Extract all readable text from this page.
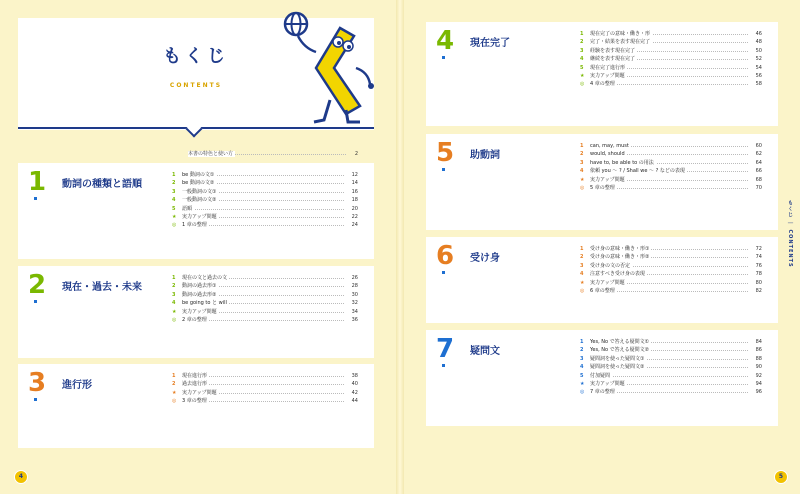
もくじ
CONTENTS
本書の特色と使い方	2
1 動詞の種類と語順
1	be 動詞の文①	12
2	be 動詞の文②	14
3	一般動詞の文①	16
4	一般動詞の文②	18
5	語順	20
★	実力アップ問題	22
◎	1 章の整理	24
2 現在・過去・未来
1	現在の文と過去の文	26
2	動詞の過去形①	28
3	動詞の過去形②	30
4	be going to と will	32
★	実力アップ問題	34
◎	2 章の整理	36
3 進行形
1	現在進行形	38
2	過去進行形	40
★	実力アップ問題	42
◎	3 章の整理	44
4 現在完了
1	現在完了の意味・働き・形	46
2	完了・結果を表す現在完了	48
3	経験を表す現在完了	50
4	継続を表す現在完了	52
5	現在完了進行形	54
★	実力アップ問題	56
◎	4 章の整理	58
5 助動詞
1	can, may, must	60
2	would, should	62
3	have to, be able to の用法	64
4	依頼 you 〜 ? / Shall we 〜 ? などの表現	66
★	実力アップ問題	68
◎	5 章の整理	70
6 受け身
1	受け身の意味・働き・形①	72
2	受け身の意味・働き・形②	74
3	受け身の文の否定	76
4	注意すべき受け身の表現	78
★	実力アップ問題	80
◎	6 章の整理	82
7 疑問文
1	Yes, No で答える疑問文①	84
2	Yes, No で答える疑問文②	86
3	疑問詞を使った疑問文①	88
4	疑問詞を使った疑問文②	90
5	付加疑問	92
★	実力アップ問題	94
◎	7 章の整理	96
もくじ ｜ CONTENTS
4	5
